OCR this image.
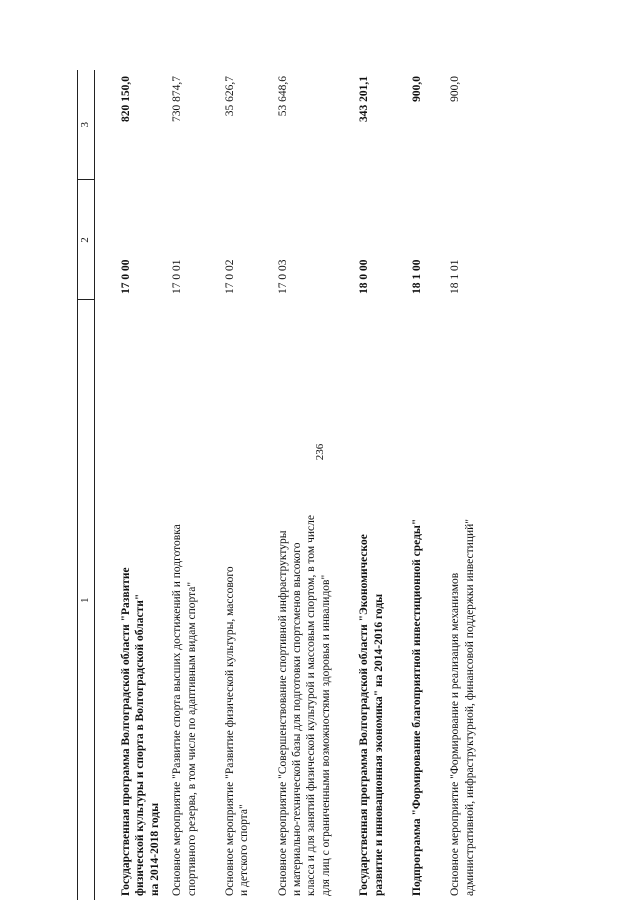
236
1	2	3
Государственная программа Волгоградской области "Развитие
физической культуры и спорта в Волгоградской области"
на 2014-2018 годы	17 0 00	820 150,0
Основное мероприятие "Развитие спорта высших достижений и подготовка
спортивного резерва, в том числе по адаптивным видам спорта"	17 0 01	730 874,7
Основное мероприятие "Развитие физической культуры, массового
и детского спорта"	17 0 02	35 626,7
Основное мероприятие "Совершенствование спортивной инфраструктуры
и материально-технической базы для подготовки спортсменов высокого
класса и для занятий физической культурой и массовым спортом, в том числе
для лиц с ограниченными возможностями здоровья и инвалидов"	17 0 03	53 648,6
Государственная программа Волгоградской области "Экономическое
развитие и инновационная экономика" на 2014-2016 годы	18 0 00	343 201,1
Подпрограмма "Формирование благоприятной инвестиционной среды"	18 1 00	900,0
Основное мероприятие "Формирование и реализация механизмов
административной, инфраструктурной, финансовой поддержки инвестиций"	18 1 01	900,0
